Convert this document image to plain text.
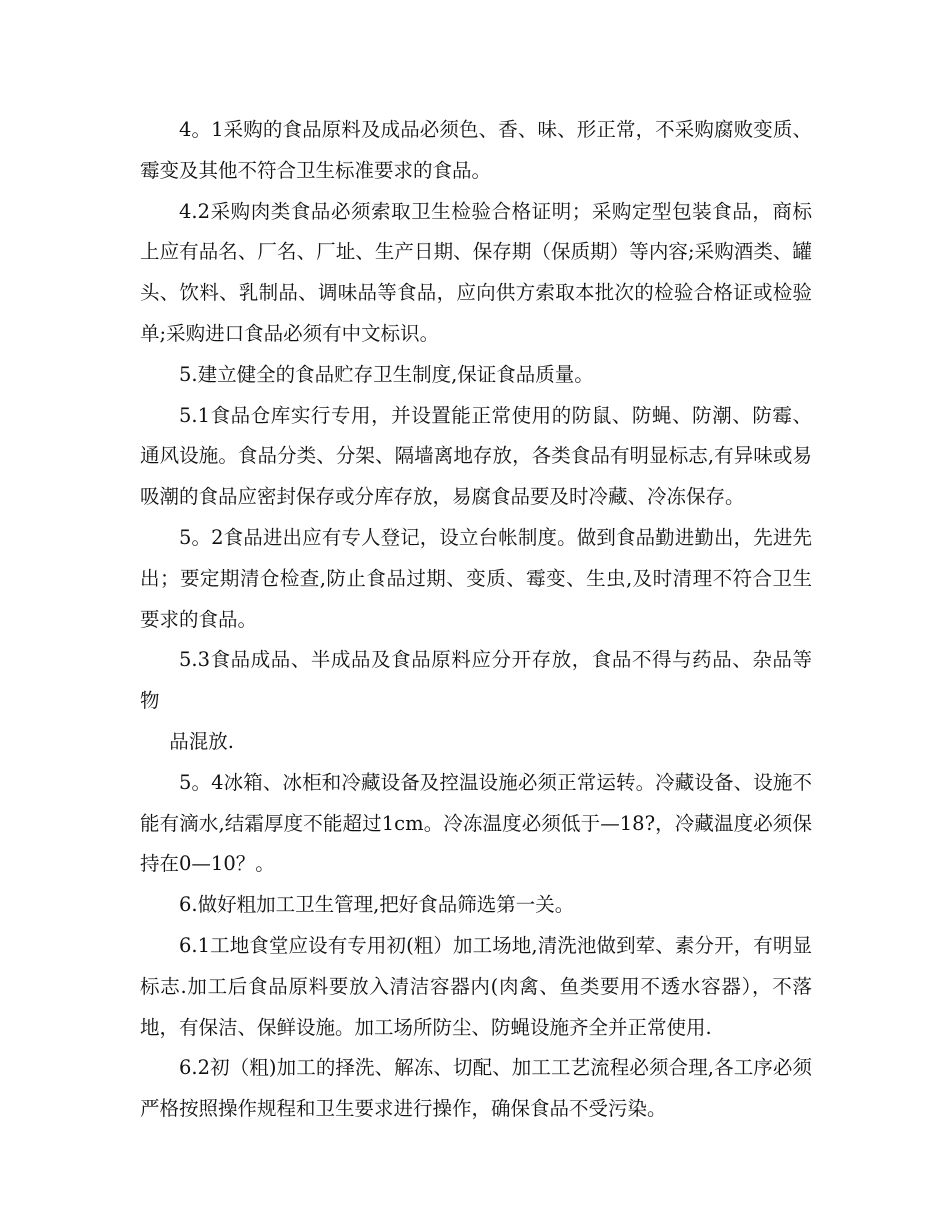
4。1采购的食品原料及成品必须色、香、味、形正常，不采购腐败变质、霉变及其他不符合卫生标准要求的食品。

4.2采购肉类食品必须索取卫生检验合格证明；采购定型包装食品，商标上应有品名、厂名、厂址、生产日期、保存期（保质期）等内容;采购酒类、罐头、饮料、乳制品、调味品等食品，应向供方索取本批次的检验合格证或检验单;采购进口食品必须有中文标识。

5.建立健全的食品贮存卫生制度,保证食品质量。

5.1食品仓库实行专用，并设置能正常使用的防鼠、防蝇、防潮、防霉、通风设施。食品分类、分架、隔墙离地存放，各类食品有明显标志,有异味或易吸潮的食品应密封保存或分库存放，易腐食品要及时冷藏、冷冻保存。

5。2食品进出应有专人登记，设立台帐制度。做到食品勤进勤出，先进先出；要定期清仓检查,防止食品过期、变质、霉变、生虫,及时清理不符合卫生要求的食品。

5.3食品成品、半成品及食品原料应分开存放，食品不得与药品、杂品等物
品混放.

5。4冰箱、冰柜和冷藏设备及控温设施必须正常运转。冷藏设备、设施不能有滴水,结霜厚度不能超过1cm。冷冻温度必须低于—18?，冷藏温度必须保持在0—10？。

6.做好粗加工卫生管理,把好食品筛选第一关。

6.1工地食堂应设有专用初(粗）加工场地,清洗池做到荤、素分开，有明显标志.加工后食品原料要放入清洁容器内(肉禽、鱼类要用不透水容器），不落地，有保洁、保鲜设施。加工场所防尘、防蝇设施齐全并正常使用.

6.2初（粗)加工的择洗、解冻、切配、加工工艺流程必须合理,各工序必须严格按照操作规程和卫生要求进行操作，确保食品不受污染。
